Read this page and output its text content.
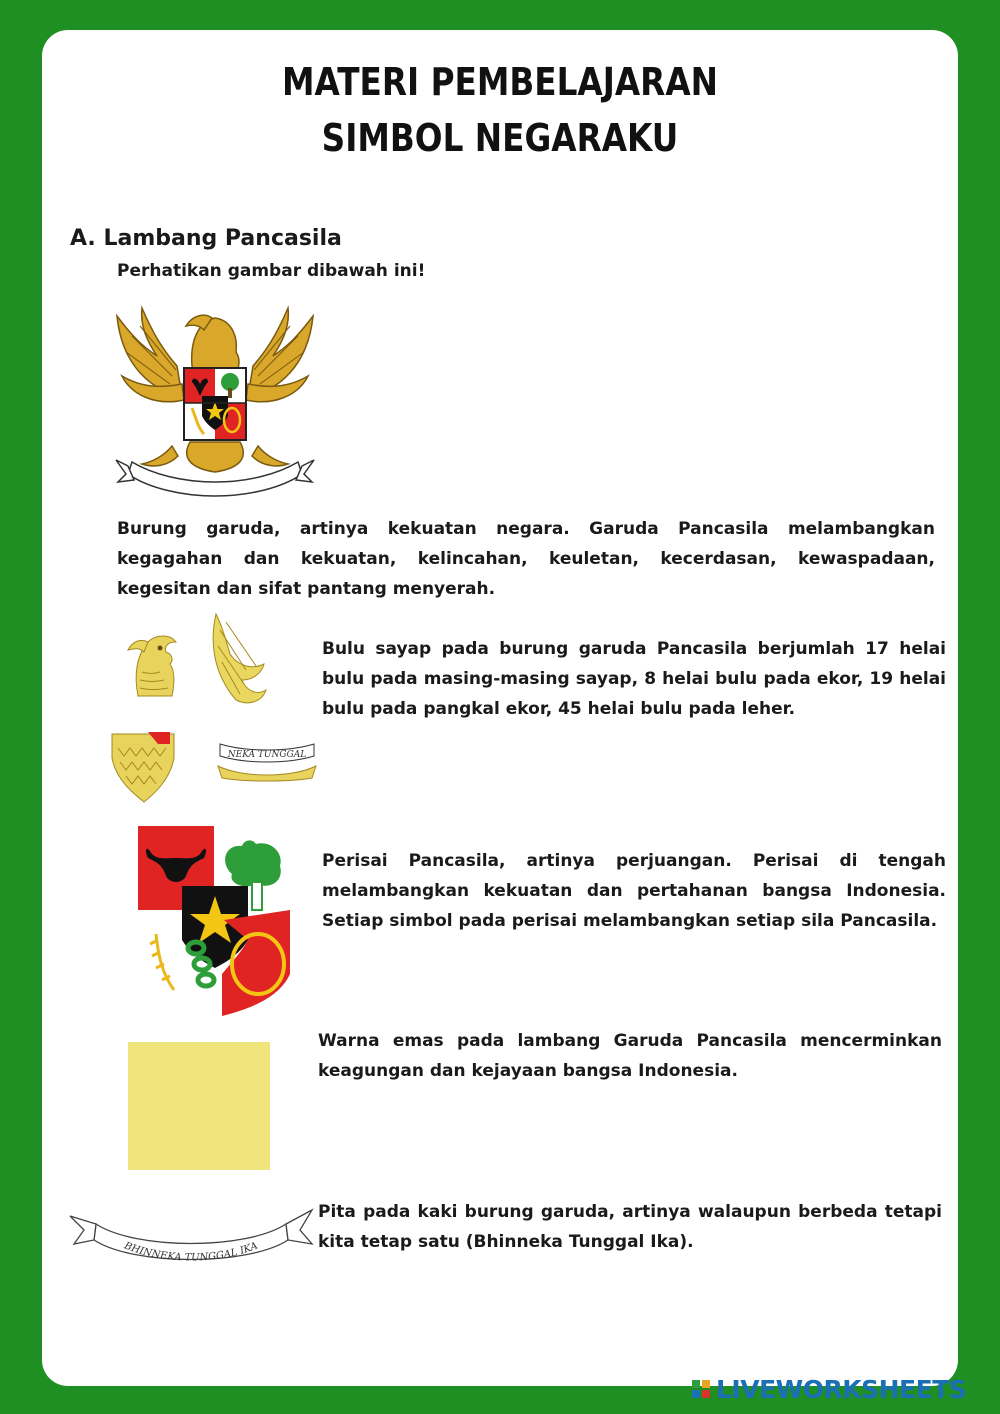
MATERI PEMBELAJARAN
SIMBOL NEGARAKU
A. Lambang Pancasila
Perhatikan gambar dibawah ini!
Burung garuda, artinya kekuatan negara. Garuda Pancasila melambangkan kegagahan dan kekuatan, kelincahan, keuletan, kecerdasan, kewaspadaan, kegesitan dan sifat pantang menyerah.
NEKA TUNGGAL
Bulu sayap pada burung garuda Pancasila berjumlah 17 helai bulu pada masing-masing sayap, 8 helai bulu pada ekor, 19 helai bulu pada pangkal ekor, 45 helai bulu pada leher.
Perisai Pancasila, artinya perjuangan. Perisai di tengah melambangkan kekuatan dan pertahanan bangsa Indonesia. Setiap simbol pada perisai melambangkan setiap sila Pancasila.
Warna emas pada lambang Garuda Pancasila mencerminkan keagungan dan kejayaan bangsa Indonesia.
BHINNEKA TUNGGAL IKA
Pita pada kaki burung garuda, artinya walaupun berbeda tetapi kita tetap satu (Bhinneka Tunggal Ika).
LIVEWORKSHEETS
